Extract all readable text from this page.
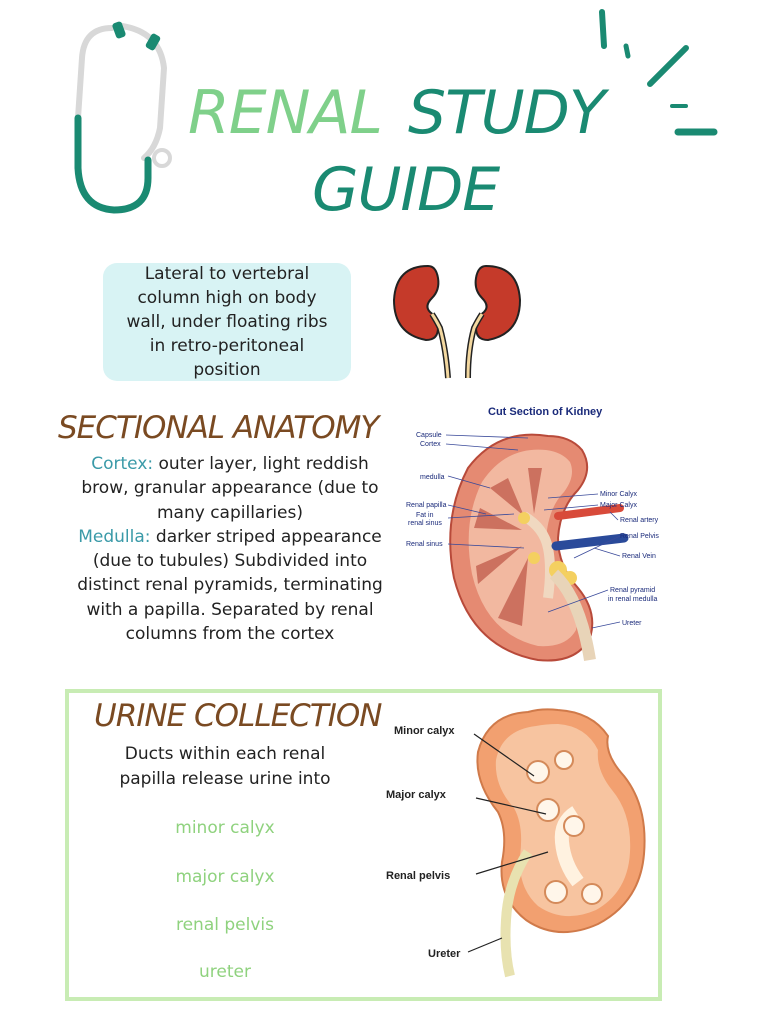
RENAL STUDY
GUIDE
Lateral to vertebral column high on body wall, under floating ribs in retro-peritoneal position
SECTIONAL ANATOMY
Cortex: outer layer, light reddish brow, granular appearance (due to many capillaries)
Medulla: darker striped appearance (due to tubules) Subdivided into distinct renal pyramids, terminating with a papilla. Separated by renal columns from the cortex
Cut Section of Kidney
Capsule
Cortex
medulla
Renal papilla
Fat in
renal sinus
Renal sinus
Minor Calyx
Major Calyx
Renal artery
Renal Pelvis
Renal Vein
Renal pyramid
in renal medulla
Ureter
URINE COLLECTION
Ducts within each renal papilla release urine into
minor calyx
major calyx
renal pelvis
ureter
Minor calyx
Major calyx
Renal pelvis
Ureter
